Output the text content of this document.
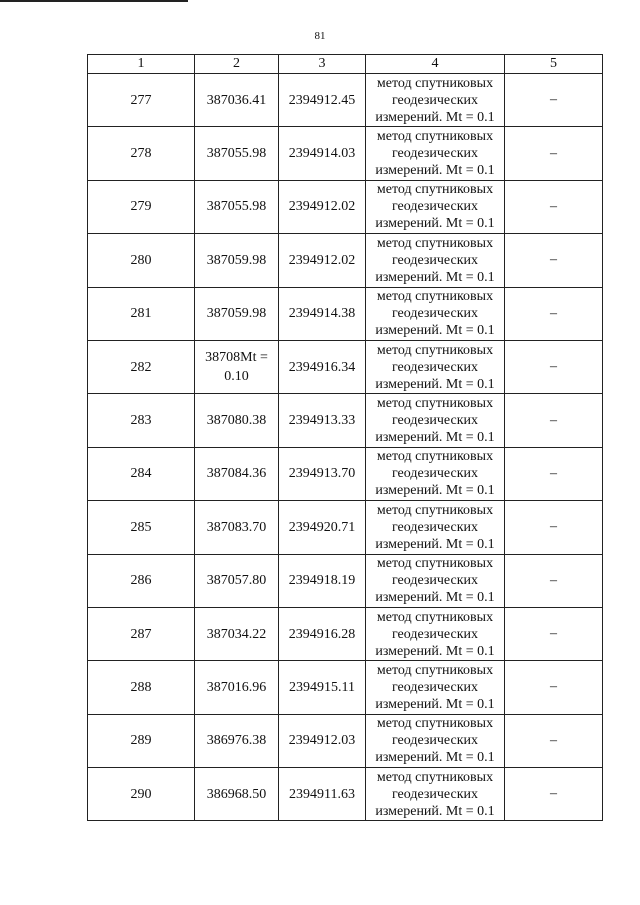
81
1	2	3	4	5
277	387036.41	2394912.45	метод спутниковых геодезических измерений. Mt = 0.1	–
278	387055.98	2394914.03	метод спутниковых геодезических измерений. Mt = 0.1	–
279	387055.98	2394912.02	метод спутниковых геодезических измерений. Mt = 0.1	–
280	387059.98	2394912.02	метод спутниковых геодезических измерений. Mt = 0.1	–
281	387059.98	2394914.38	метод спутниковых геодезических измерений. Mt = 0.1	–
282	38708Mt = 0.10	2394916.34	метод спутниковых геодезических измерений. Mt = 0.1	–
283	387080.38	2394913.33	метод спутниковых геодезических измерений. Mt = 0.1	–
284	387084.36	2394913.70	метод спутниковых геодезических измерений. Mt = 0.1	–
285	387083.70	2394920.71	метод спутниковых геодезических измерений. Mt = 0.1	–
286	387057.80	2394918.19	метод спутниковых геодезических измерений. Mt = 0.1	–
287	387034.22	2394916.28	метод спутниковых геодезических измерений. Mt = 0.1	–
288	387016.96	2394915.11	метод спутниковых геодезических измерений. Mt = 0.1	–
289	386976.38	2394912.03	метод спутниковых геодезических измерений. Mt = 0.1	–
290	386968.50	2394911.63	метод спутниковых геодезических измерений. Mt = 0.1	–
